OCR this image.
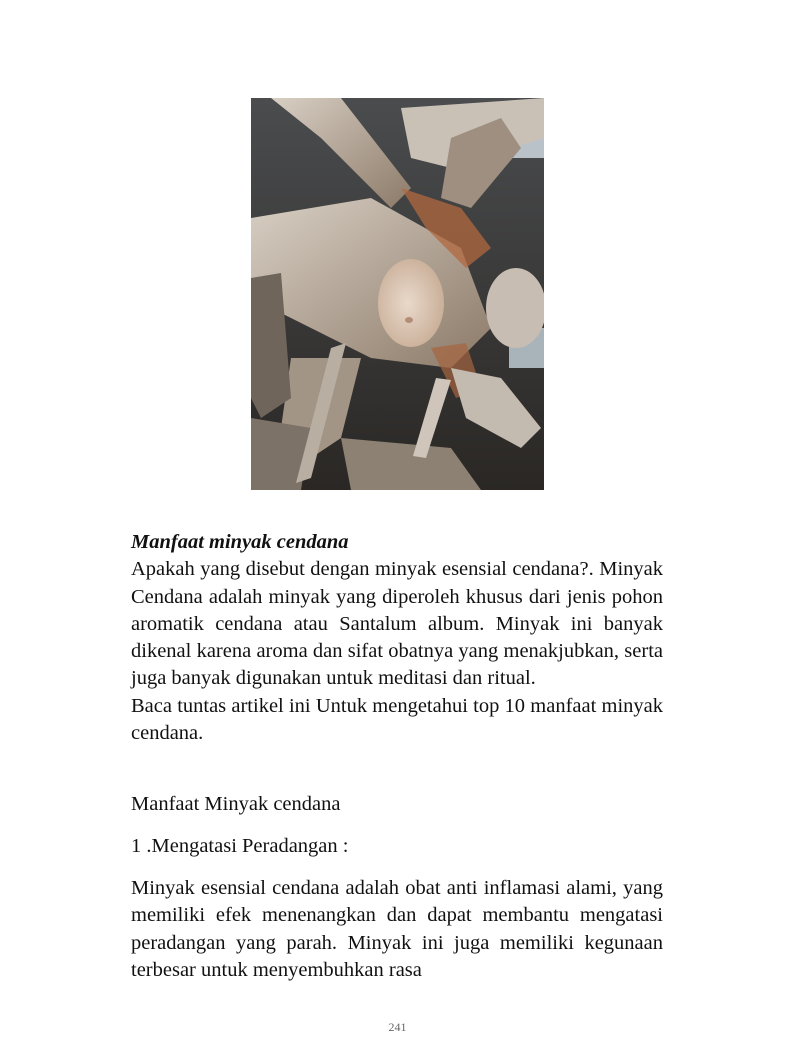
Manfaat minyak cendana

Apakah yang disebut dengan minyak esensial cendana?. Minyak Cendana adalah minyak yang diperoleh khusus dari jenis pohon aromatik cendana atau Santalum album. Minyak ini banyak dikenal karena aroma dan sifat obatnya yang menakjubkan, serta juga banyak digunakan untuk meditasi dan ritual.

Baca tuntas artikel ini Untuk mengetahui top 10 manfaat minyak cendana.

Manfaat Minyak cendana

1 .Mengatasi Peradangan :

Minyak esensial cendana adalah obat anti inflamasi alami, yang memiliki efek menenangkan dan dapat membantu mengatasi peradangan yang parah. Minyak ini juga memiliki kegunaan terbesar untuk menyembuhkan rasa

241
